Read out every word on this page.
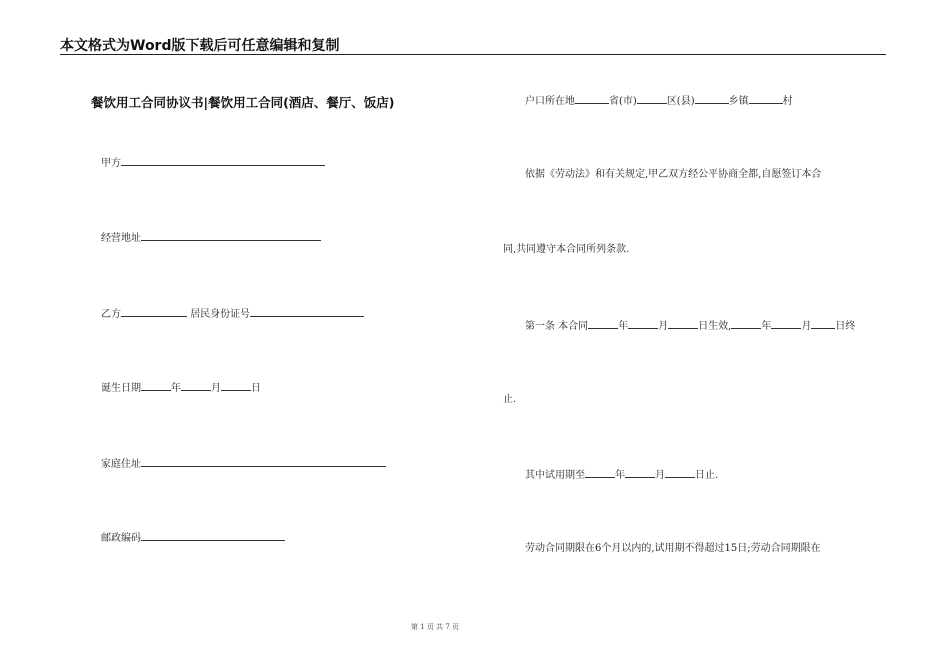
本文格式为Word版下载后可任意编辑和复制
餐饮用工合同协议书|餐饮用工合同(酒店、餐厅、饭店)
甲方
经营地址
乙方	居民身份证号
诞生日期	年	月	日
家庭住址
邮政编码
户口所在地	省(市)	区(县)	乡镇	村
依据《劳动法》和有关规定,甲乙双方经公平协商全都,自愿签订本合
同,共同遵守本合同所列条款.
第一条 本合同	年	月	日生效,	年	月 日终
止.
其中试用期至	年	月	日止.
劳动合同期限在6个月以内的,试用期不得超过15日;劳动合同期限在
第 1 页 共 7 页
